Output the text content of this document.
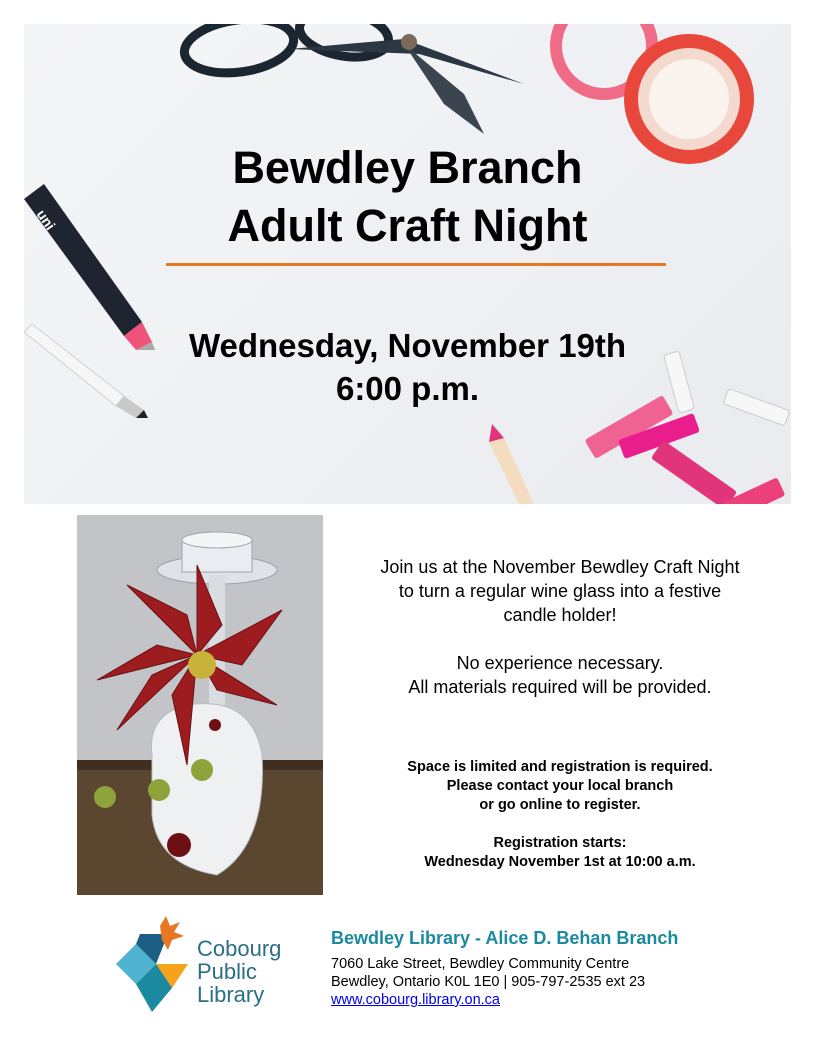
uni
Bewdley Branch
Adult Craft Night
Wednesday, November 19th
6:00 p.m.

Join us at the November Bewdley Craft Night

to turn a regular wine glass into a festive

candle holder!

No experience necessary.

All materials required will be provided.

Space is limited and registration is required.

Please contact your local branch

or go online to register.

Registration starts:

Wednesday November 1st at 10:00 a.m.

Cobourg
Public
Library
Bewdley Library - Alice D. Behan Branch
7060 Lake Street, Bewdley Community Centre
Bewdley, Ontario K0L 1E0 | 905-797-2535 ext 23
www.cobourg.library.on.ca
